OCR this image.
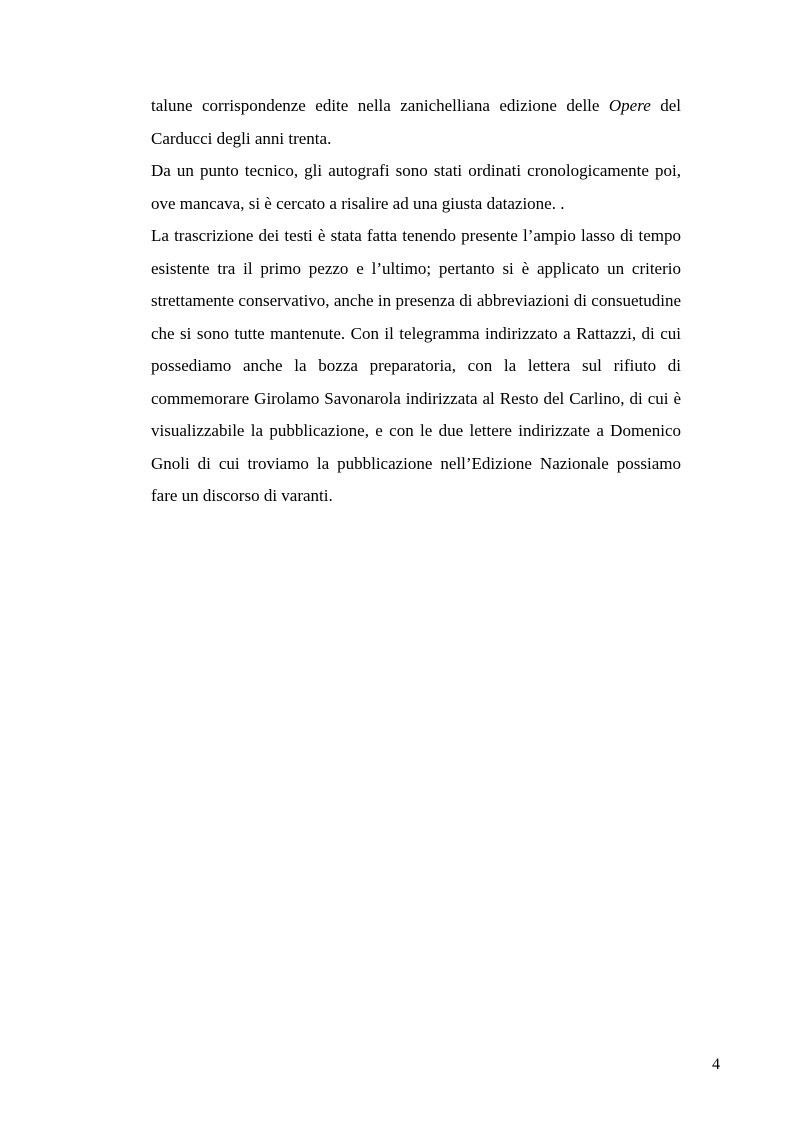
talune corrispondenze edite nella zanichelliana edizione delle Opere del Carducci degli anni trenta.

Da un punto tecnico, gli autografi sono stati ordinati cronologicamente poi, ove mancava, si è cercato a risalire ad una giusta datazione. .

La trascrizione dei testi è stata fatta tenendo presente l’ampio lasso di tempo esistente tra il primo pezzo e l’ultimo; pertanto si è applicato un criterio strettamente conservativo, anche in presenza di abbreviazioni di consuetudine che si sono tutte mantenute. Con il telegramma indirizzato a Rattazzi, di cui possediamo anche la bozza preparatoria, con la lettera sul rifiuto di commemorare Girolamo Savonarola indirizzata al Resto del Carlino, di cui è visualizzabile la pubblicazione, e con le due lettere indirizzate a Domenico Gnoli di cui troviamo la pubblicazione nell’Edizione Nazionale possiamo fare un discorso di varanti.

4
